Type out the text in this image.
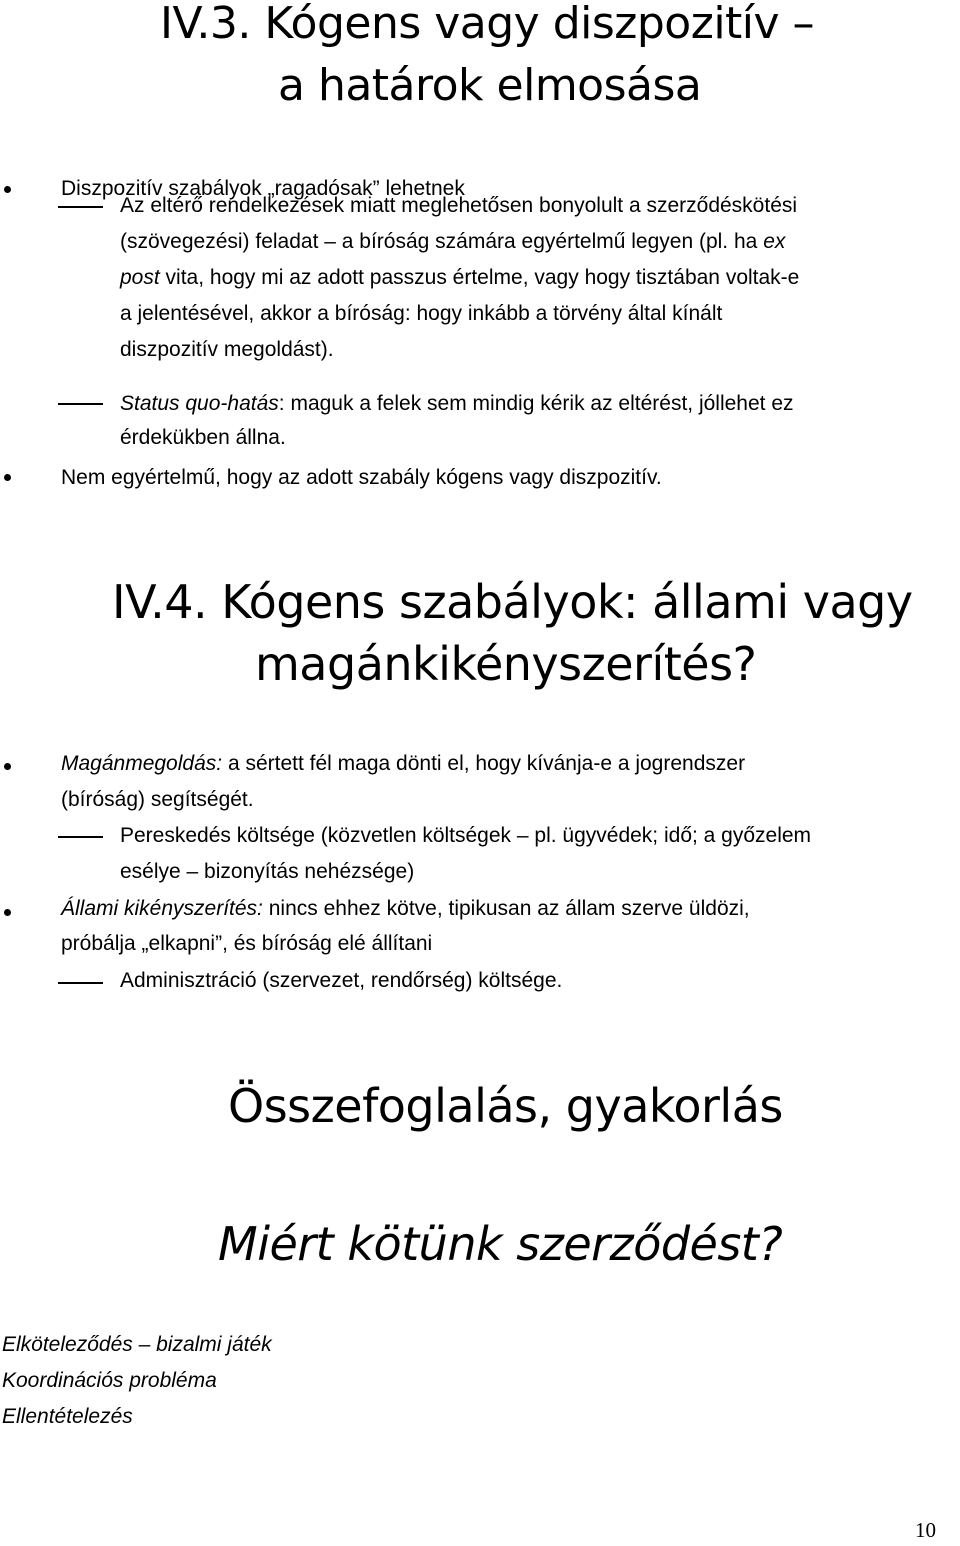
IV.3. Kógens vagy diszpozitív –
a határok elmosása

Diszpozitív szabályok „ragadósak” lehetnek

Az eltérő rendelkezések miatt meglehetősen bonyolult a szerződéskötési

(szövegezési) feladat – a bíróság számára egyértelmű legyen (pl. ha ex

post vita, hogy mi az adott passzus értelme, vagy hogy tisztában voltak-e

a jelentésével, akkor a bíróság: hogy inkább a törvény által kínált

diszpozitív megoldást).

Status quo-hatás: maguk a felek sem mindig kérik az eltérést, jóllehet ez

érdekükben állna.

Nem egyértelmű, hogy az adott szabály kógens vagy diszpozitív.

IV.4. Kógens szabályok: állami vagy
magánkikényszerítés?

Magánmegoldás: a sértett fél maga dönti el, hogy kívánja-e a jogrendszer

(bíróság) segítségét.

Pereskedés költsége (közvetlen költségek – pl. ügyvédek; idő; a győzelem

esélye – bizonyítás nehézsége)

Állami kikényszerítés: nincs ehhez kötve, tipikusan az állam szerve üldözi,

próbálja „elkapni”, és bíróság elé állítani

Adminisztráció (szervezet, rendőrség) költsége.

Összefoglalás, gyakorlás
Miért kötünk szerződést?

Elköteleződés – bizalmi játék

Koordinációs probléma

Ellentételezés

10
